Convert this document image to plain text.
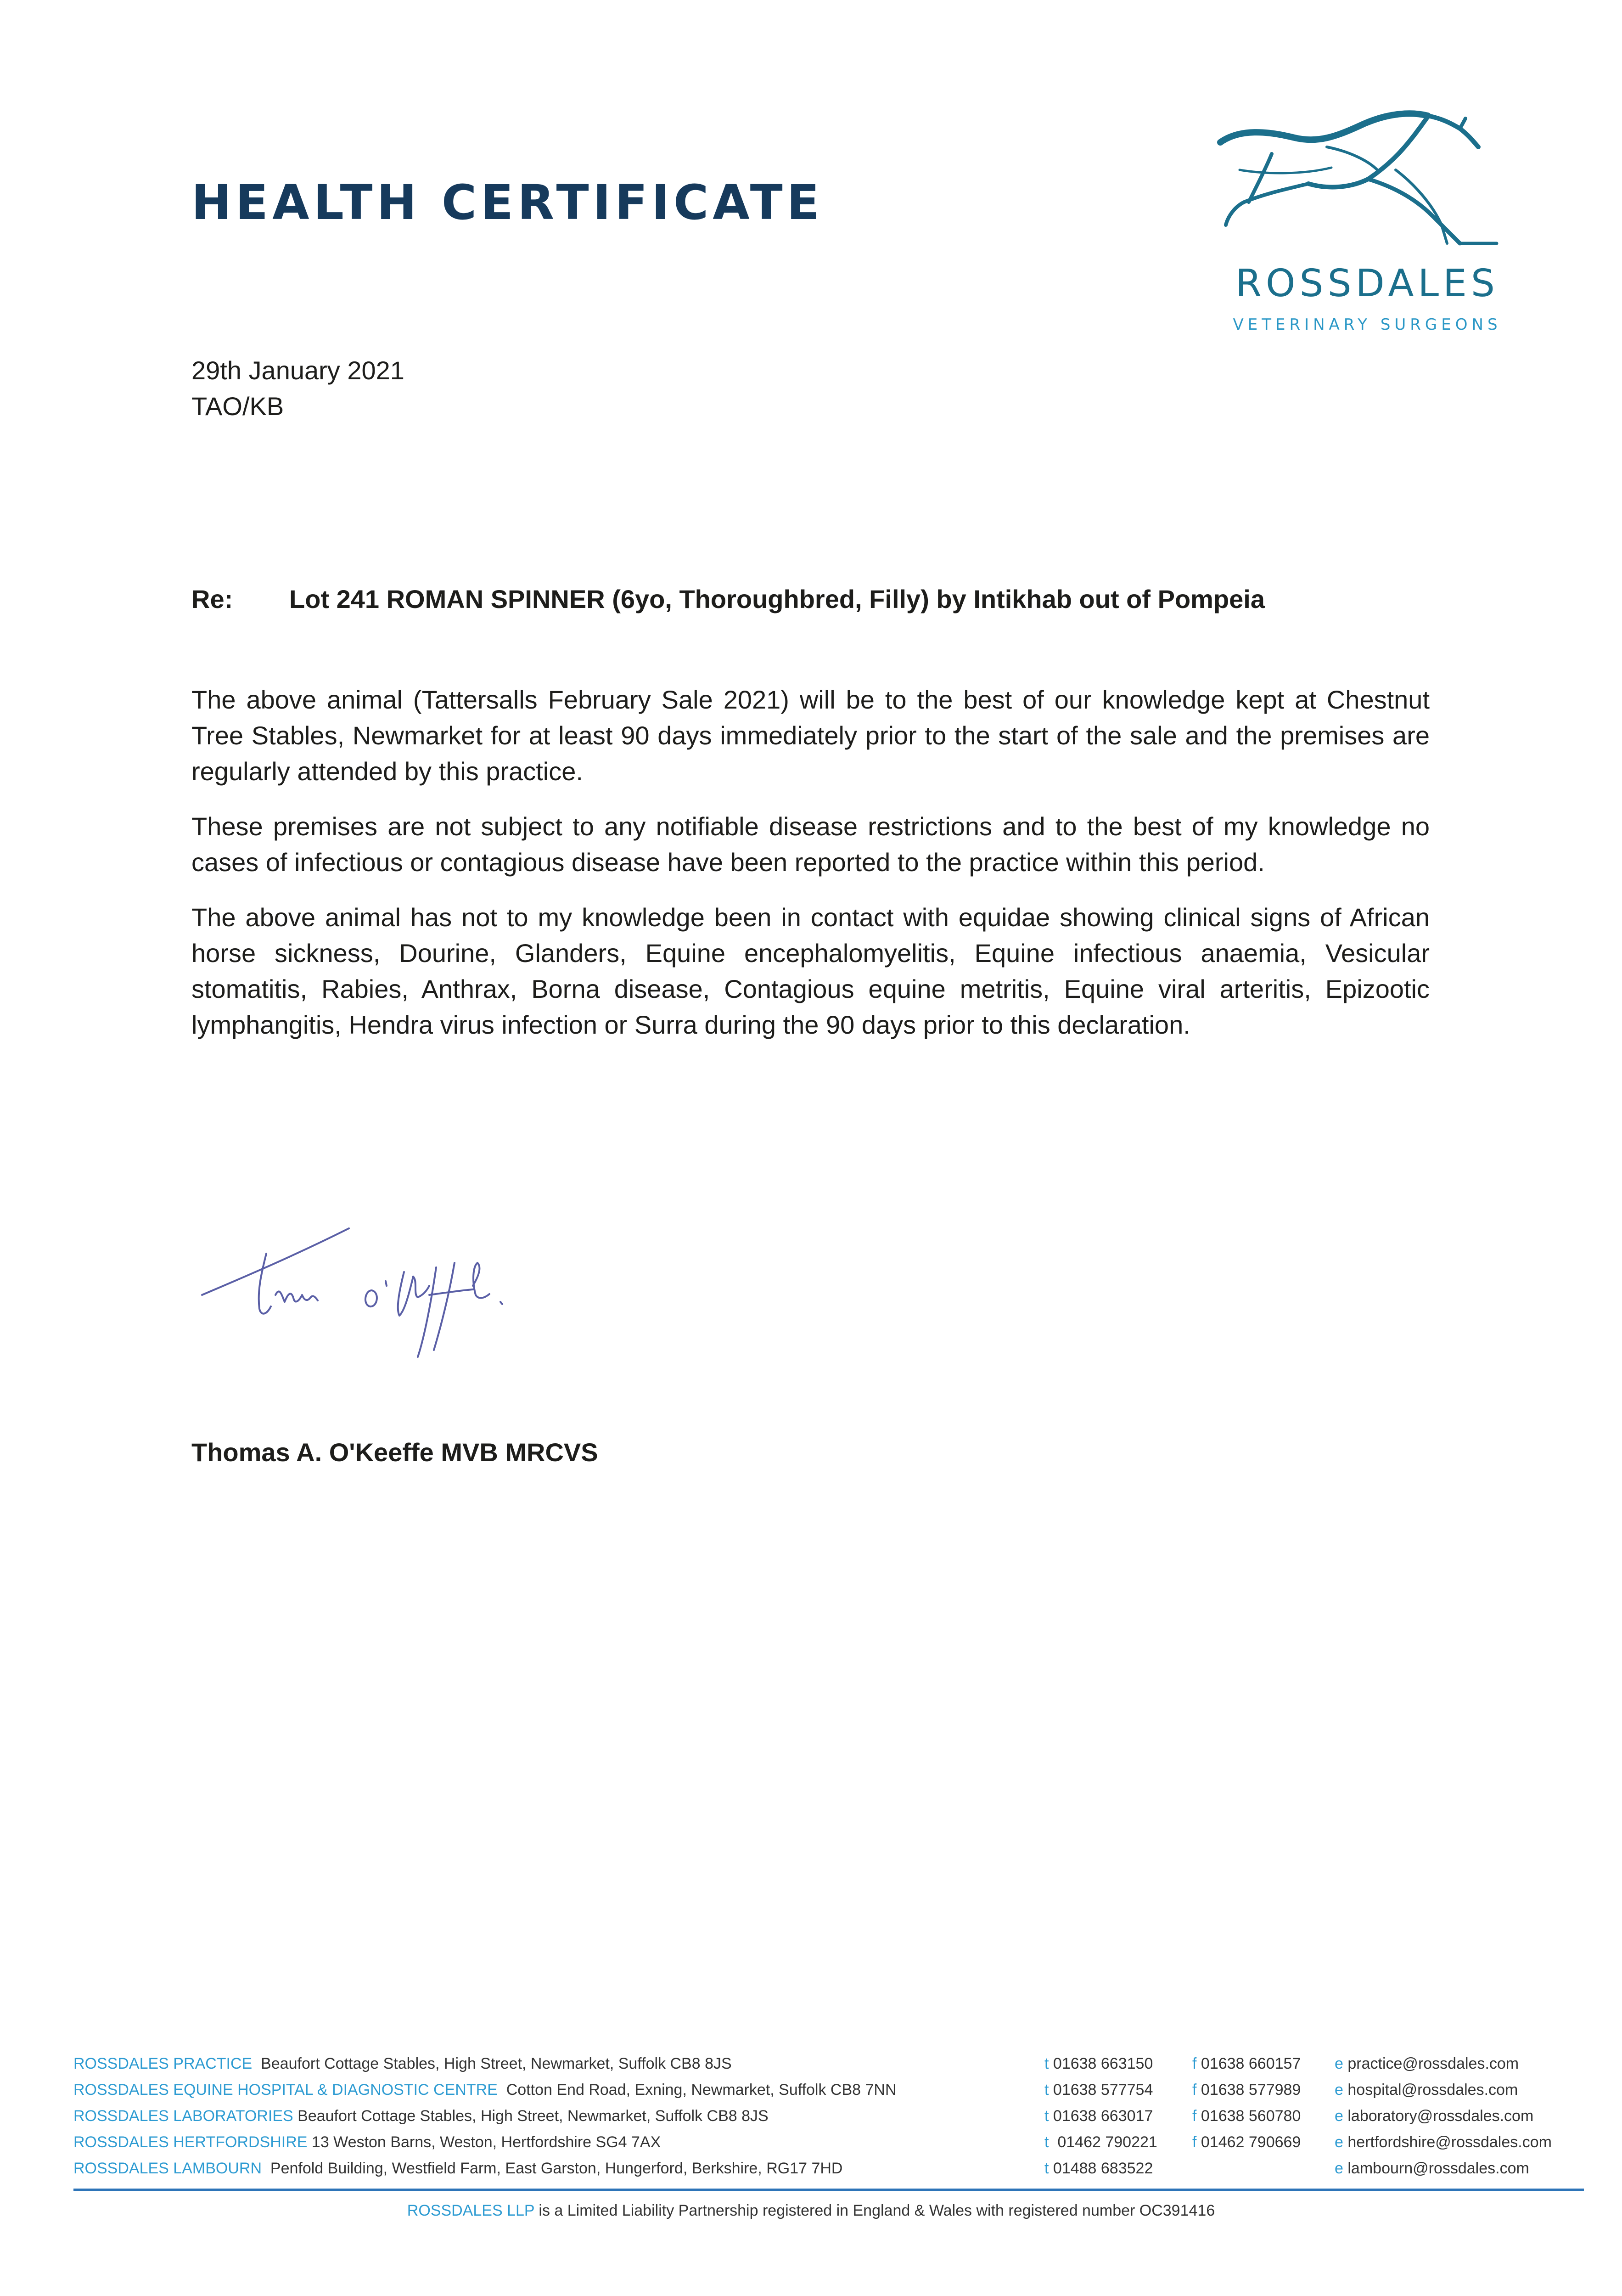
HEALTH CERTIFICATE
ROSSDALES
VETERINARY SURGEONS
29th January 2021
TAO/KB
Re: Lot 241 ROMAN SPINNER (6yo, Thoroughbred, Filly) by Intikhab out of Pompeia

The above animal (Tattersalls February Sale 2021) will be to the best of our knowledge kept at Chestnut Tree Stables, Newmarket for at least 90 days immediately prior to the start of the sale and the premises are regularly attended by this practice.

These premises are not subject to any notifiable disease restrictions and to the best of my knowledge no cases of infectious or contagious disease have been reported to the practice within this period.

The above animal has not to my knowledge been in contact with equidae showing clinical signs of African horse sickness, Dourine, Glanders, Equine encephalomyelitis, Equine infectious anaemia, Vesicular stomatitis, Rabies, Anthrax, Borna disease, Contagious equine metritis, Equine viral arteritis, Epizootic lymphangitis, Hendra virus infection or Surra during the 90 days prior to this declaration.

Thomas A. O'Keeffe MVB MRCVS
ROSSDALES PRACTICE Beaufort Cottage Stables, High Street, Newmarket, Suffolk CB8 8JS	t 01638 663150	f 01638 660157 e practice@rossdales.com
ROSSDALES EQUINE HOSPITAL & DIAGNOSTIC CENTRE Cotton End Road, Exning, Newmarket, Suffolk CB8 7NN	t 01638 577754	f 01638 577989 e hospital@rossdales.com
ROSSDALES LABORATORIES Beaufort Cottage Stables, High Street, Newmarket, Suffolk CB8 8JS	t 01638 663017	f 01638 560780 e laboratory@rossdales.com
ROSSDALES HERTFORDSHIRE 13 Weston Barns, Weston, Hertfordshire SG4 7AX	t 01462 790221 f 01462 790669 e hertfordshire@rossdales.com
ROSSDALES LAMBOURN Penfold Building, Westfield Farm, East Garston, Hungerford, Berkshire, RG17 7HD	t 01488 683522	e lambourn@rossdales.com
ROSSDALES LLP is a Limited Liability Partnership registered in England & Wales with registered number OC391416
